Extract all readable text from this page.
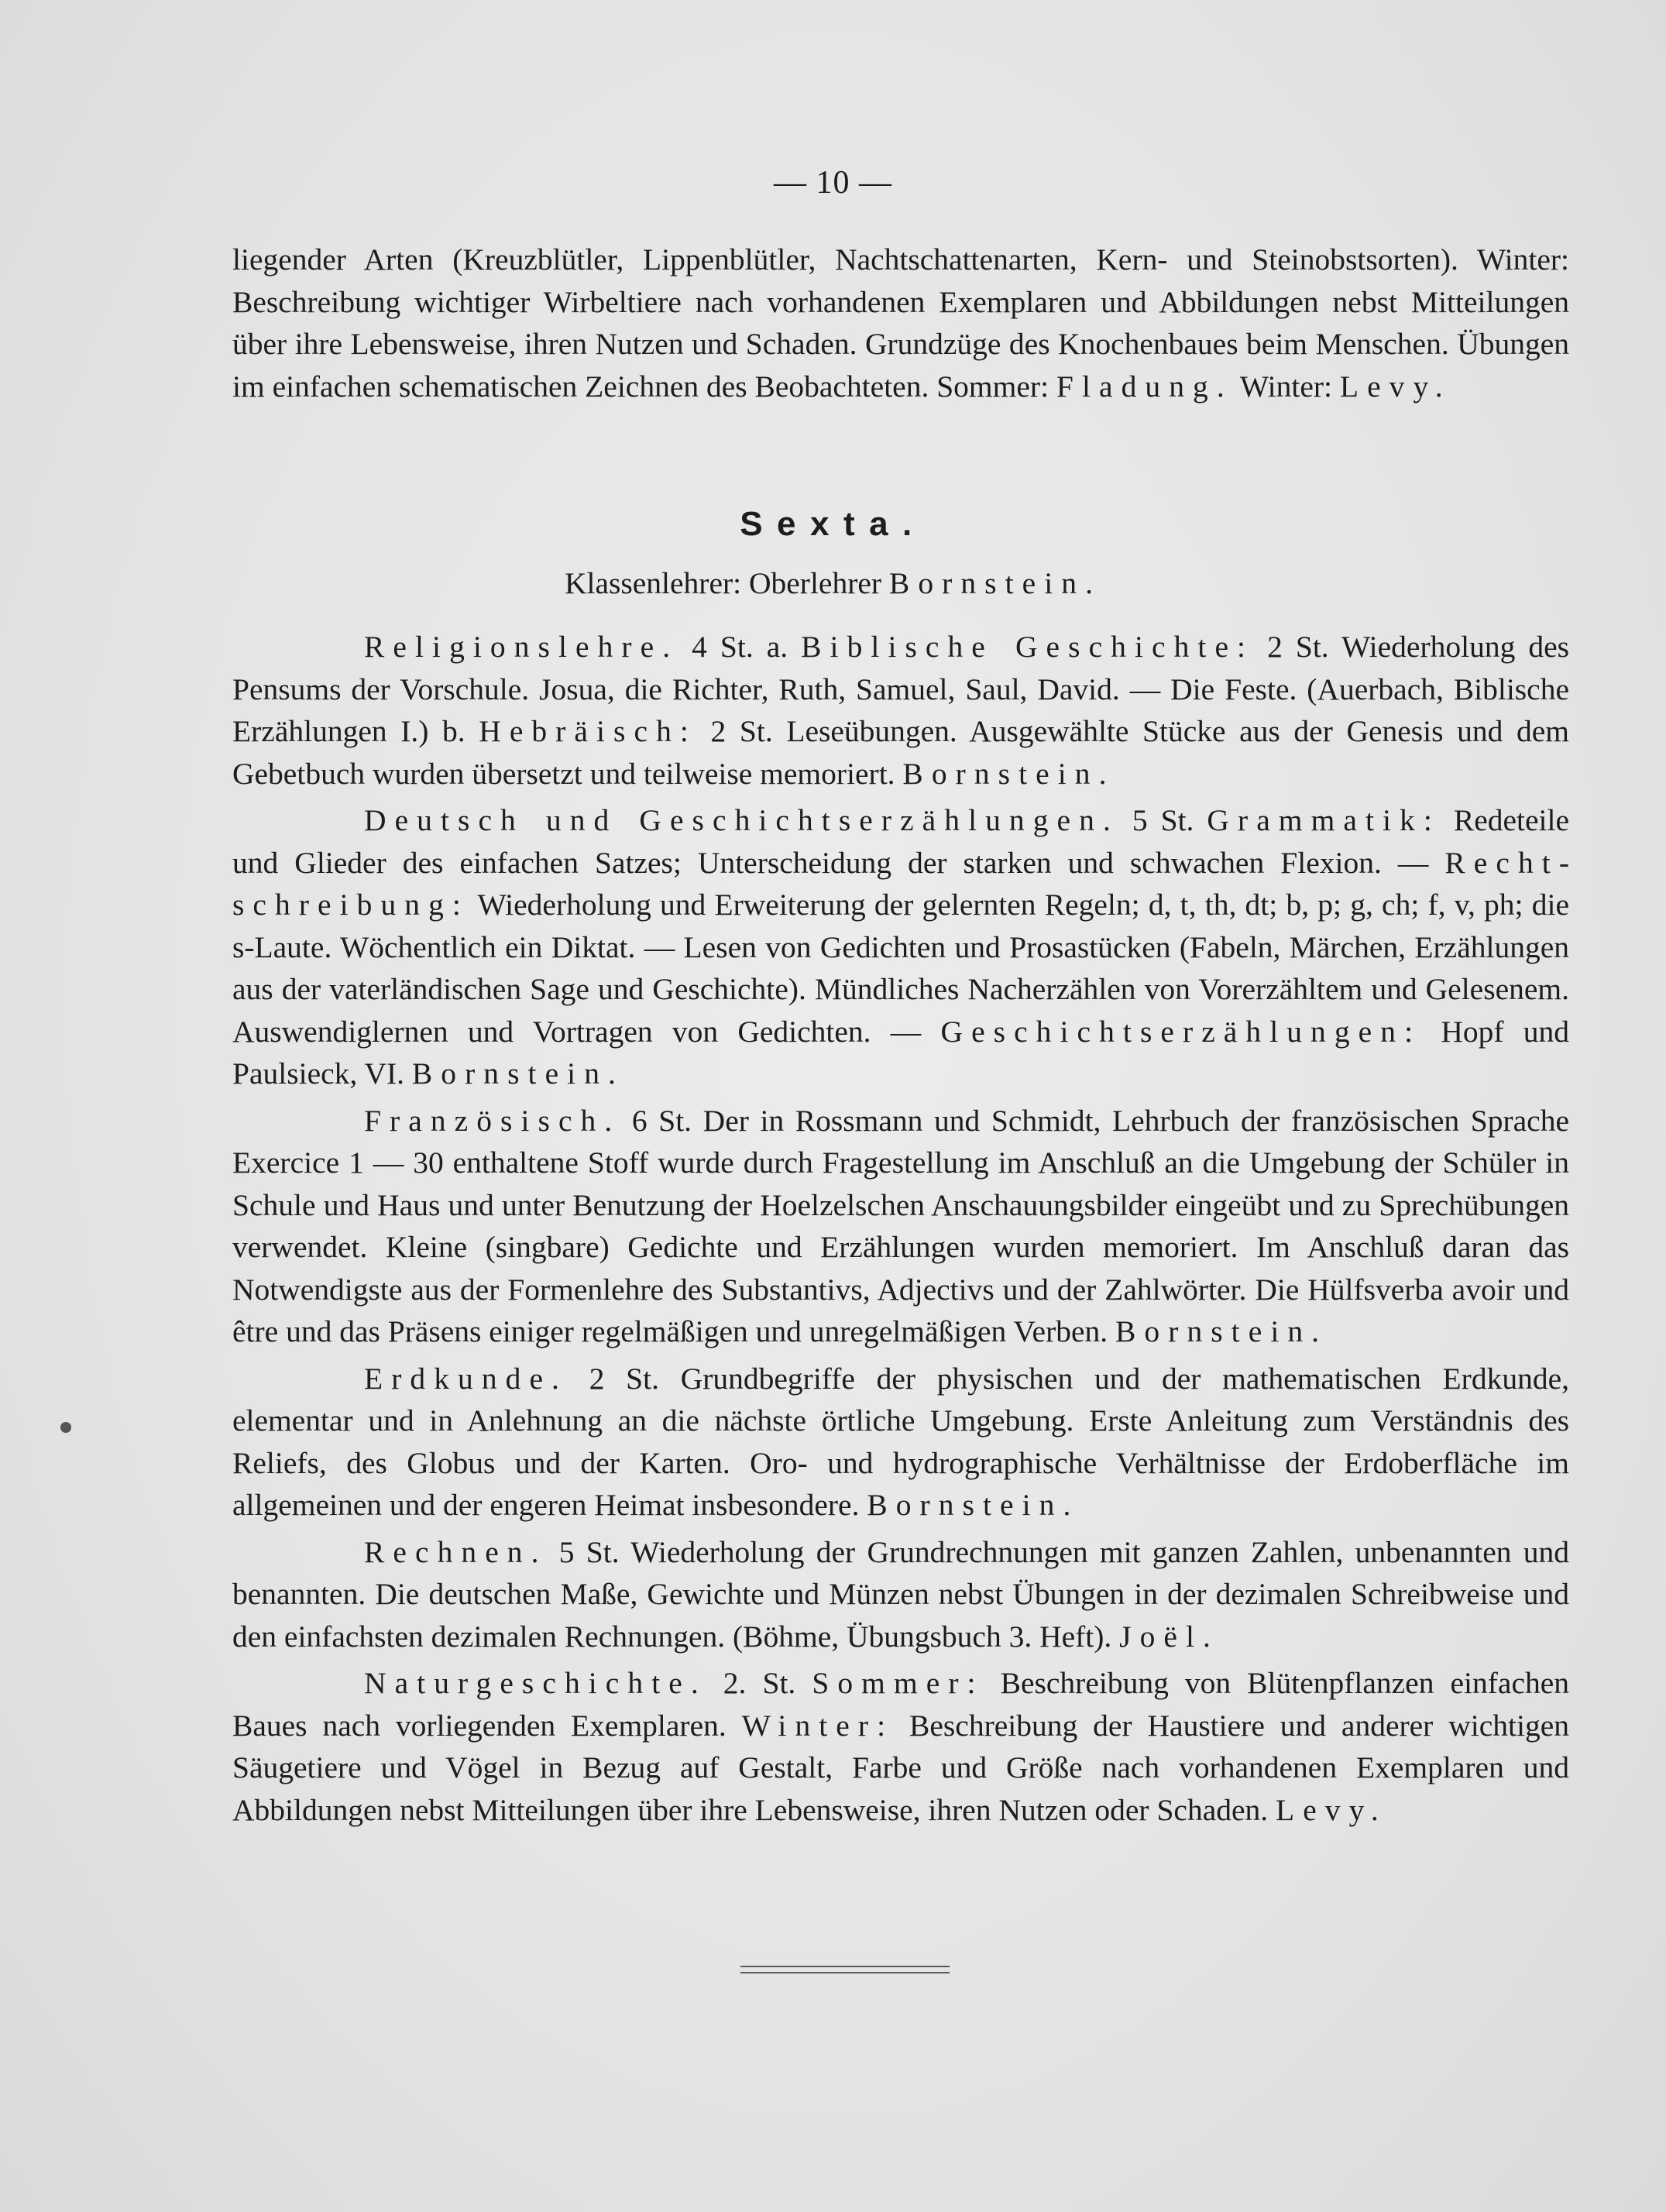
— 10 —

liegender Arten (Kreuzblütler, Lippenblütler, Nachtschattenarten, Kern- und Steinobstsorten). Winter: Beschreibung wichtiger Wirbeltiere nach vorhandenen Exemplaren und Abbildungen nebst Mitteilungen über ihre Lebensweise, ihren Nutzen und Schaden. Grundzüge des Knochenbaues beim Menschen. Übungen im einfachen schematischen Zeichnen des Beobachteten. Sommer: Fladung. Winter: Levy.

Sexta.
Klassenlehrer: Oberlehrer Bornstein.

Religionslehre. 4 St. a. Biblische Geschichte: 2 St. Wiederholung des Pensums der Vorschule. Josua, die Richter, Ruth, Samuel, Saul, David. — Die Feste. (Auerbach, Biblische Erzählungen I.) b. Hebräisch: 2 St. Leseübungen. Ausgewählte Stücke aus der Genesis und dem Gebetbuch wurden übersetzt und teilweise memoriert. Bornstein.

Deutsch und Geschichtserzählungen. 5 St. Grammatik: Redeteile und Glieder des einfachen Satzes; Unterscheidung der starken und schwachen Flexion. — Rechtschreibung: Wiederholung und Erweiterung der gelernten Regeln; d, t, th, dt; b, p; g, ch; f, v, ph; die s-Laute. Wöchentlich ein Diktat. — Lesen von Gedichten und Prosastücken (Fabeln, Märchen, Erzählungen aus der vaterländischen Sage und Geschichte). Mündliches Nacherzählen von Vorerzähltem und Gelesenem. Auswendiglernen und Vortragen von Gedichten. — Geschichtserzählungen: Hopf und Paulsieck, VI. Bornstein.

Französisch. 6 St. Der in Rossmann und Schmidt, Lehrbuch der französischen Sprache Exercice 1 — 30 enthaltene Stoff wurde durch Fragestellung im Anschluß an die Umgebung der Schüler in Schule und Haus und unter Benutzung der Hoelzelschen Anschauungsbilder eingeübt und zu Sprechübungen verwendet. Kleine (singbare) Gedichte und Erzählungen wurden memoriert. Im Anschluß daran das Notwendigste aus der Formenlehre des Substantivs, Adjectivs und der Zahlwörter. Die Hülfsverba avoir und être und das Präsens einiger regelmäßigen und unregelmäßigen Verben. Bornstein.

Erdkunde. 2 St. Grundbegriffe der physischen und der mathematischen Erdkunde, elementar und in Anlehnung an die nächste örtliche Umgebung. Erste Anleitung zum Verständnis des Reliefs, des Globus und der Karten. Oro- und hydrographische Verhältnisse der Erdoberfläche im allgemeinen und der engeren Heimat insbesondere. Bornstein.

Rechnen. 5 St. Wiederholung der Grundrechnungen mit ganzen Zahlen, unbenannten und benannten. Die deutschen Maße, Gewichte und Münzen nebst Übungen in der dezimalen Schreibweise und den einfachsten dezimalen Rechnungen. (Böhme, Übungsbuch 3. Heft). Joël.

Naturgeschichte. 2. St. Sommer: Beschreibung von Blütenpflanzen einfachen Baues nach vorliegenden Exemplaren. Winter: Beschreibung der Haustiere und anderer wichtigen Säugetiere und Vögel in Bezug auf Gestalt, Farbe und Größe nach vorhandenen Exemplaren und Abbildungen nebst Mitteilungen über ihre Lebensweise, ihren Nutzen oder Schaden. Levy.
